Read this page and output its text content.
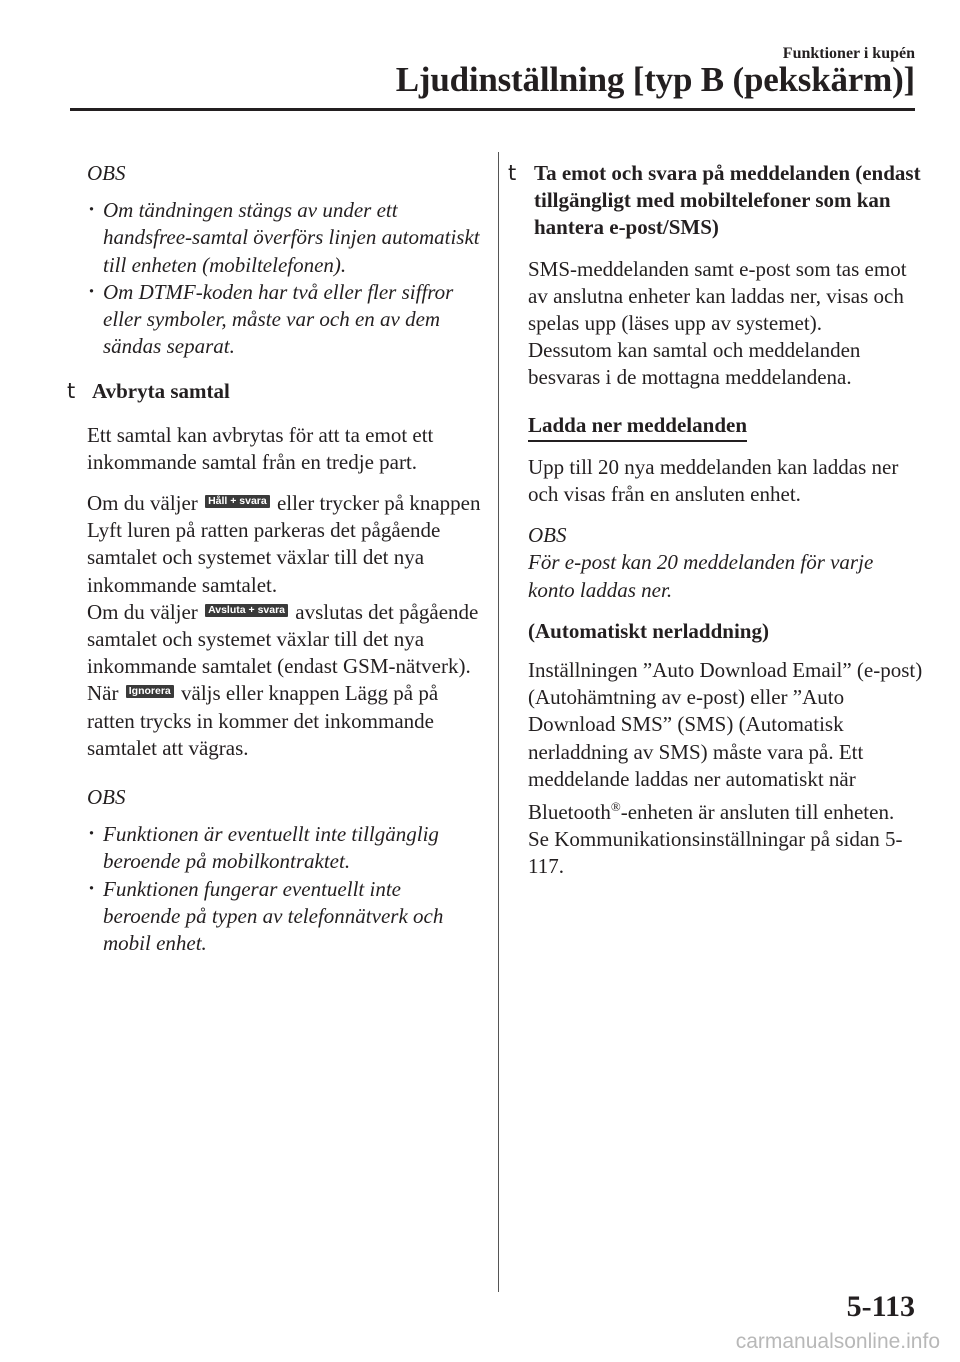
Funktioner i kupén
Ljudinställning [typ B (pekskärm)]

OBS

· Om tändningen stängs av under ett handsfree-samtal överförs linjen automatiskt till enheten (mobiltelefonen).
· Om DTMF-koden har två eller fler siffror eller symboler, måste var och en av dem sändas separat.
t Avbryta samtal

Ett samtal kan avbrytas för att ta emot ett inkommande samtal från en tredje part.

Om du väljer Håll + svara eller trycker på knappen Lyft luren på ratten parkeras det pågående samtalet och systemet växlar till det nya inkommande samtalet.

Om du väljer Avsluta + svara avslutas det pågående samtalet och systemet växlar till det nya inkommande samtalet (endast GSM-nätverk).

När Ignorera väljs eller knappen Lägg på på ratten trycks in kommer det inkommande samtalet att vägras.

OBS

· Funktionen är eventuellt inte tillgänglig beroende på mobilkontraktet.
· Funktionen fungerar eventuellt inte beroende på typen av telefonnätverk och mobil enhet.
t Ta emot och svara på meddelanden (endast tillgängligt med mobiltelefoner som kan hantera e-post/SMS)

SMS-meddelanden samt e-post som tas emot av anslutna enheter kan laddas ner, visas och spelas upp (läses upp av systemet).

Dessutom kan samtal och meddelanden besvaras i de mottagna meddelandena.

Ladda ner meddelanden

Upp till 20 nya meddelanden kan laddas ner och visas från en ansluten enhet.

OBS

För e-post kan 20 meddelanden för varje konto laddas ner.

(Automatiskt nerladdning)

Inställningen ”Auto Download Email” (e-post) (Autohämtning av e-post) eller ”Auto Download SMS” (SMS) (Automatisk nerladdning av SMS) måste vara på. Ett meddelande laddas ner automatiskt när Bluetooth®-enheten är ansluten till enheten.

Se Kommunikationsinställningar på sidan 5-117.

5-113
carmanualsonline.info
